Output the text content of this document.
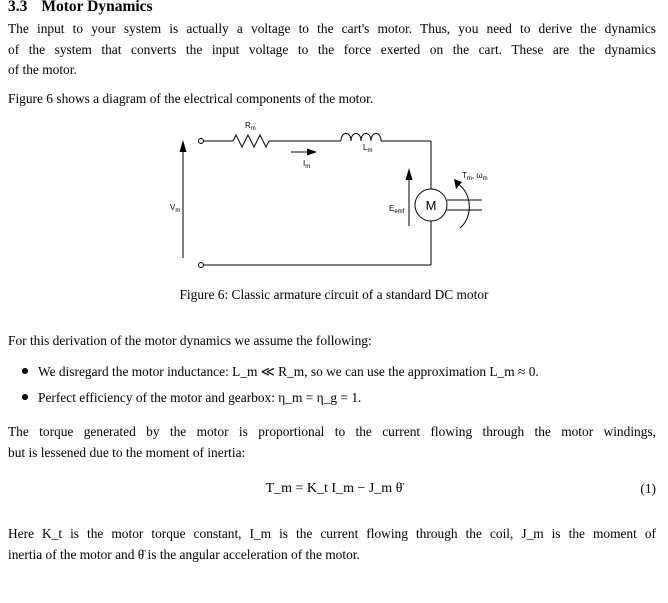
3.3 Motor Dynamics
The input to your system is actually a voltage to the cart's motor. Thus, you need to derive the dynamics
of the system that converts the input voltage to the force exerted on the cart. These are the dynamics
of the motor.
Figure 6 shows a diagram of the electrical components of the motor.
$R_m$
$L_m$
$I_m$
$V_m$	$E_{emf}$
$T_m$, $\omega_m$
M
Figure 6: Classic armature circuit of a standard DC motor
For this derivation of the motor dynamics we assume the following:
We disregard the motor inductance: L_m ≪ R_m, so we can use the approximation L_m ≈ 0.
Perfect efficiency of the motor and gearbox: η_m = η_g = 1.
The torque generated by the motor is proportional to the current flowing through the motor windings,
but is lessened due to the moment of inertia:
T_m = K_t I_m − J_m θ̈	(1)
Here K_t is the motor torque constant, I_m is the current flowing through the coil, J_m is the moment of
inertia of the motor and θ̈ is the angular acceleration of the motor.
